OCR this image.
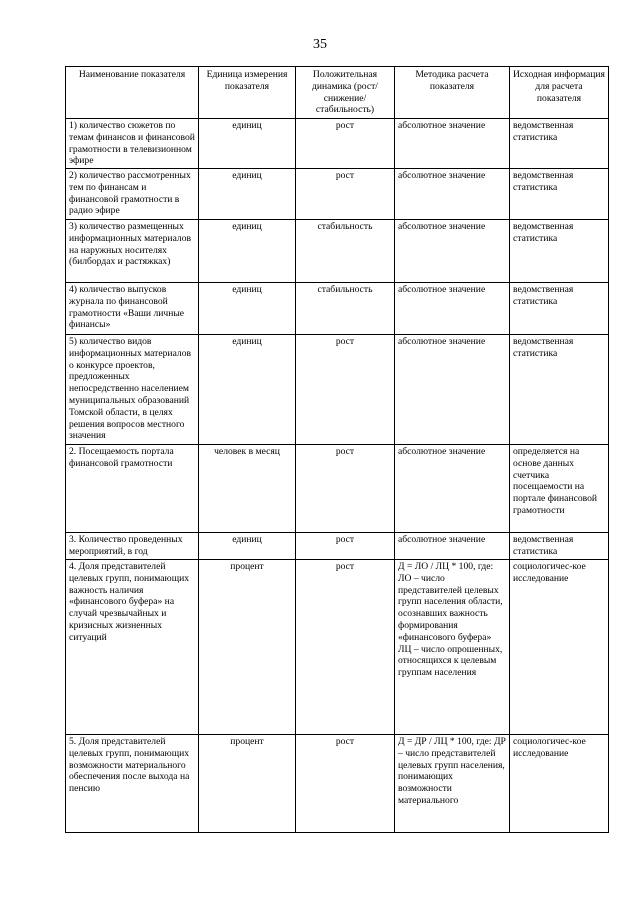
35
Наименование показателя	Единица измерения показателя	Положительная динамика (рост/снижение/стабильность)	Методика расчета показателя	Исходная информация для расчета показателя
1) количество сюжетов по темам финансов и финансовой грамотности в телевизионном эфире	единиц	рост	абсолютное значение	ведомственная статистика
2) количество рассмотренных тем по финансам и финансовой грамотности в радио эфире	единиц	рост	абсолютное значение	ведомственная статистика
3) количество размещенных информационных материалов на наружных носителях (билбордах и растяжках)	единиц	стабильность	абсолютное значение	ведомственная статистика
4) количество выпусков журнала по финансовой грамотности «Ваши личные финансы»	единиц	стабильность	абсолютное значение	ведомственная статистика
5) количество видов информационных материалов о конкурсе проектов, предложенных непосредственно населением муниципальных образований Томской области, в целях решения вопросов местного значения	единиц	рост	абсолютное значение	ведомственная статистика
2. Посещаемость портала финансовой грамотности	человек в месяц	рост	абсолютное значение	определяется на основе данных счетчика посещаемости на портале финансовой грамотности
3. Количество проведенных мероприятий, в год	единиц	рост	абсолютное значение	ведомственная статистика
4. Доля представителей целевых групп, понимающих важность наличия «финансового буфера» на случай чрезвычайных и кризисных жизненных ситуаций	процент	рост	Д = ЛО / ЛЦ * 100, где: ЛО – число представителей целевых групп населения области, осознавших важность формирования «финансового буфера» ЛЦ – число опрошенных, относящихся к целевым группам населения	социологичес-кое исследование
5. Доля представителей целевых групп, понимающих возможности материального обеспечения после выхода на пенсию	процент	рост	Д = ДР / ЛЦ * 100, где: ДР – число представителей целевых групп населения, понимающих возможности материального	социологичес-кое исследование
